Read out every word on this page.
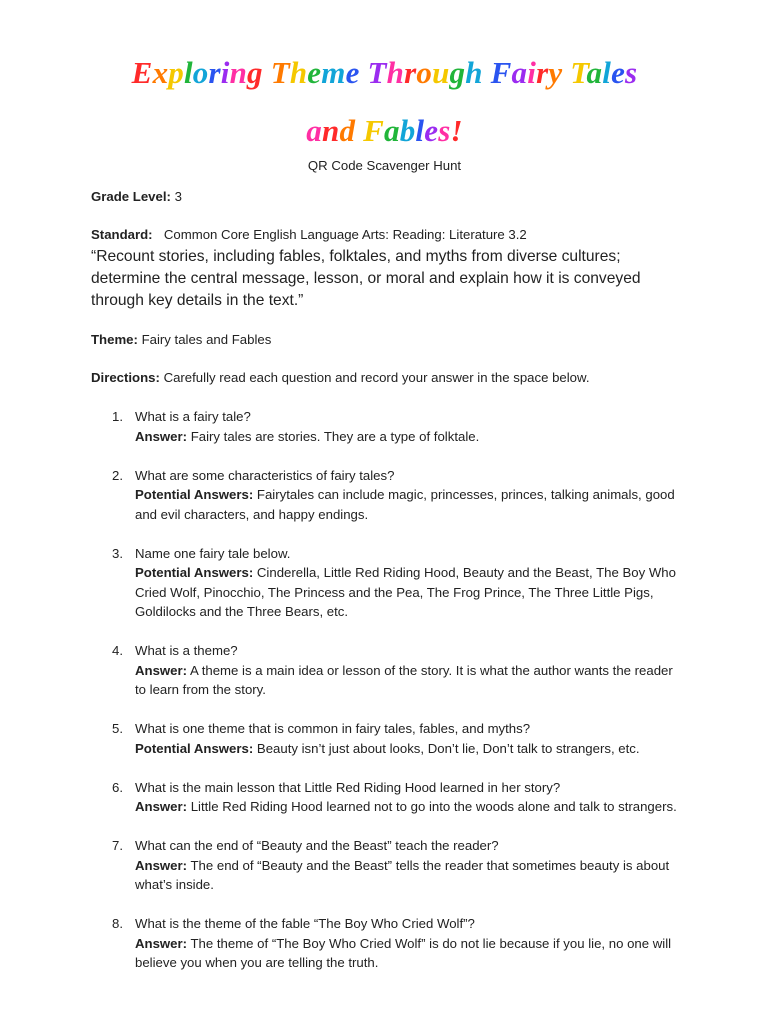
Exploring Theme Through Fairy Tales
and Fables!
QR Code Scavenger Hunt
Grade Level: 3
Standard: Common Core English Language Arts: Reading: Literature 3.2
“Recount stories, including fables, folktales, and myths from diverse cultures; determine the central message, lesson, or moral and explain how it is conveyed through key details in the text.”
Theme: Fairy tales and Fables
Directions: Carefully read each question and record your answer in the space below.
1. What is a fairy tale?
Answer: Fairy tales are stories. They are a type of folktale.
2. What are some characteristics of fairy tales?
Potential Answers: Fairytales can include magic, princesses, princes, talking animals, good and evil characters, and happy endings.
3. Name one fairy tale below.
Potential Answers: Cinderella, Little Red Riding Hood, Beauty and the Beast, The Boy Who Cried Wolf, Pinocchio, The Princess and the Pea, The Frog Prince, The Three Little Pigs, Goldilocks and the Three Bears, etc.
4. What is a theme?
Answer: A theme is a main idea or lesson of the story. It is what the author wants the reader to learn from the story.
5. What is one theme that is common in fairy tales, fables, and myths?
Potential Answers: Beauty isn’t just about looks, Don’t lie, Don’t talk to strangers, etc.
6. What is the main lesson that Little Red Riding Hood learned in her story?
Answer: Little Red Riding Hood learned not to go into the woods alone and talk to strangers.
7. What can the end of “Beauty and the Beast” teach the reader?
Answer: The end of “Beauty and the Beast” tells the reader that sometimes beauty is about what’s inside.
8. What is the theme of the fable “The Boy Who Cried Wolf”?
Answer: The theme of “The Boy Who Cried Wolf” is do not lie because if you lie, no one will believe you when you are telling the truth.
